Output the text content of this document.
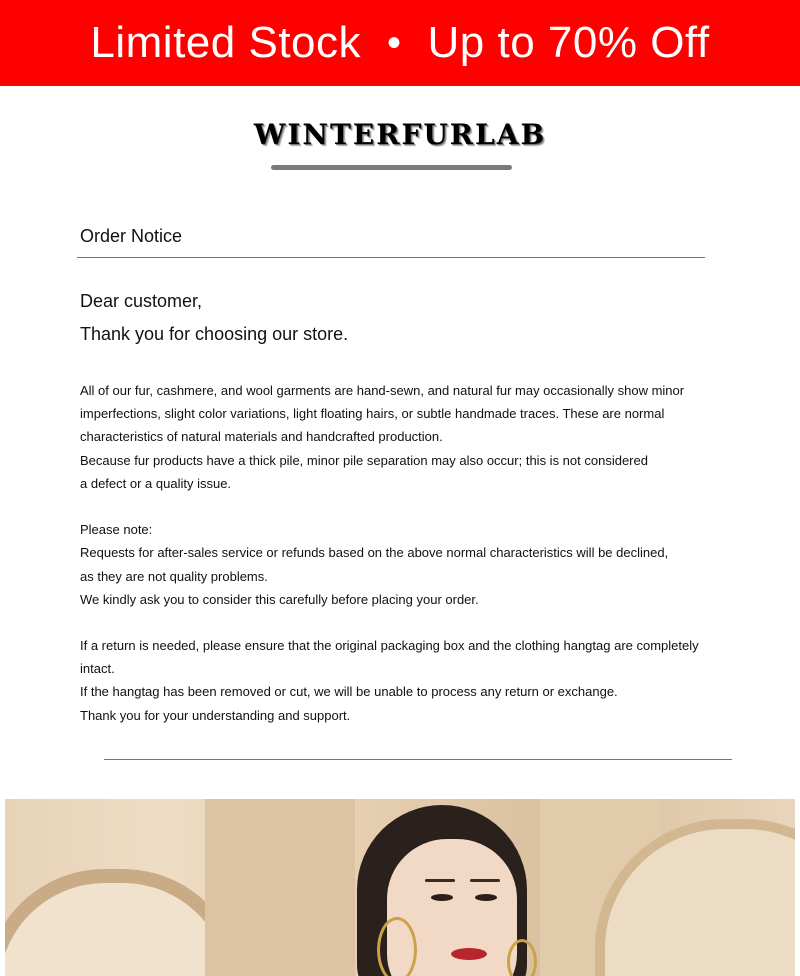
Limited Stock • Up to 70% Off
WINTERFURLAB
Order Notice
Dear customer,
Thank you for choosing our store.
All of our fur, cashmere, and wool garments are hand-sewn, and natural fur may occasionally show minor
imperfections, slight color variations, light floating hairs, or subtle handmade traces. These are normal
characteristics of natural materials and handcrafted production.
Because fur products have a thick pile, minor pile separation may also occur; this is not considered
a defect or a quality issue.
Please note:
Requests for after-sales service or refunds based on the above normal characteristics will be declined,
as they are not quality problems.
We kindly ask you to consider this carefully before placing your order.
If a return is needed, please ensure that the original packaging box and the clothing hangtag are completely
intact.
If the hangtag has been removed or cut, we will be unable to process any return or exchange.
Thank you for your understanding and support.
